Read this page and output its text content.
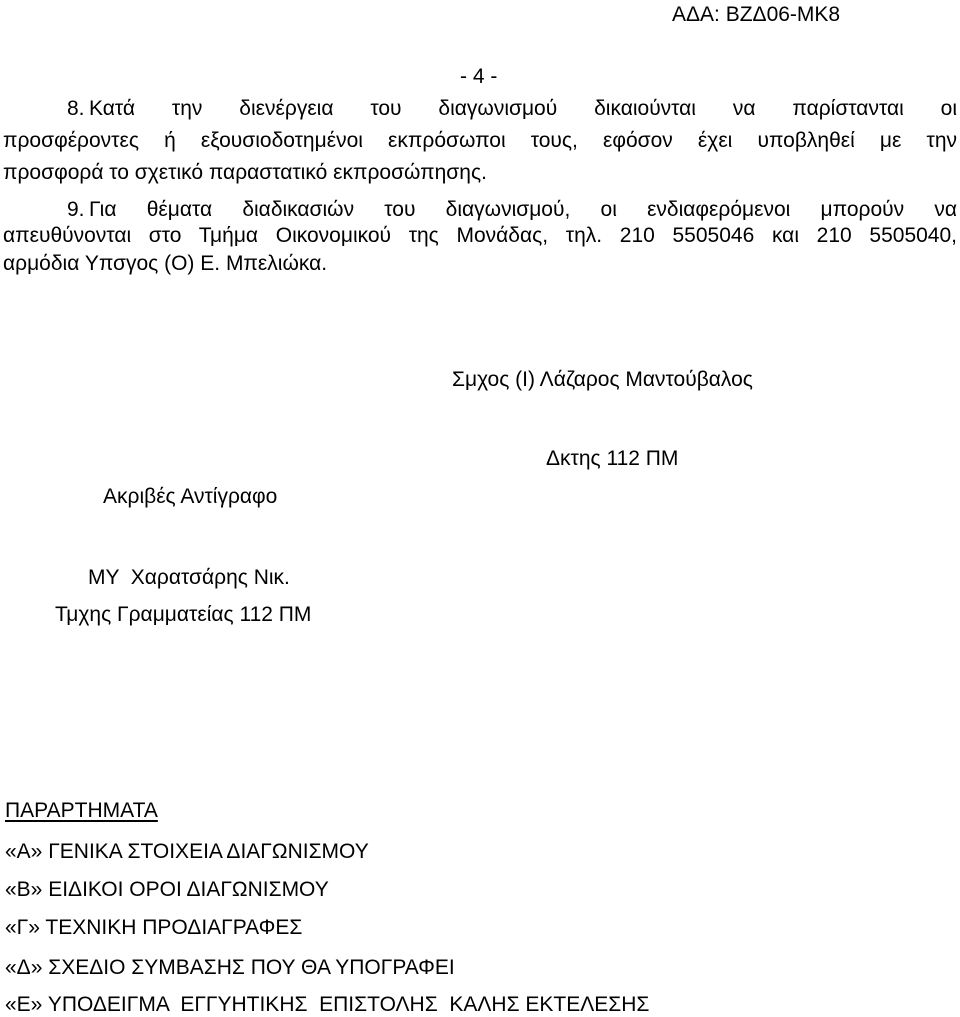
ΑΔΑ: ΒΖΔ06-ΜΚ8
- 4 -
8. Κατά την διενέργεια του διαγωνισμού δικαιούνται να παρίστανται οι
προσφέροντες ή εξουσιοδοτημένοι εκπρόσωποι τους, εφόσον έχει υποβληθεί με την
προσφορά το σχετικό παραστατικό εκπροσώπησης.
9. Για θέματα διαδικασιών του διαγωνισμού, οι ενδιαφερόμενοι μπορούν να
απευθύνονται στο Τμήμα Οικονομικού της Μονάδας, τηλ. 210 5505046 και 210 5505040,
αρμόδια Υπσγος (Ο) Ε. Μπελιώκα.
Σμχος (Ι) Λάζαρος Μαντούβαλος
Δκτης 112 ΠΜ
Ακριβές Αντίγραφο
ΜΥ  Χαρατσάρης Νικ.
Τμχης Γραμματείας 112 ΠΜ
ΠΑΡΑΡΤΗΜΑΤΑ
«Α» ΓΕΝΙΚΑ ΣΤΟΙΧΕΙΑ ΔΙΑΓΩΝΙΣΜΟΥ
«Β» ΕΙΔΙΚΟΙ ΟΡΟΙ ΔΙΑΓΩΝΙΣΜΟΥ
«Γ» ΤΕΧΝΙΚΗ ΠΡΟΔΙΑΓΡΑΦΕΣ
«Δ» ΣΧΕΔΙΟ ΣΥΜΒΑΣΗΣ ΠΟΥ ΘΑ ΥΠΟΓΡΑΦΕΙ
«Ε» ΥΠΟΔΕΙΓΜΑ  ΕΓΓΥΗΤΙΚΗΣ  ΕΠΙΣΤΟΛΗΣ  ΚΑΛΗΣ ΕΚΤΕΛΕΣΗΣ
